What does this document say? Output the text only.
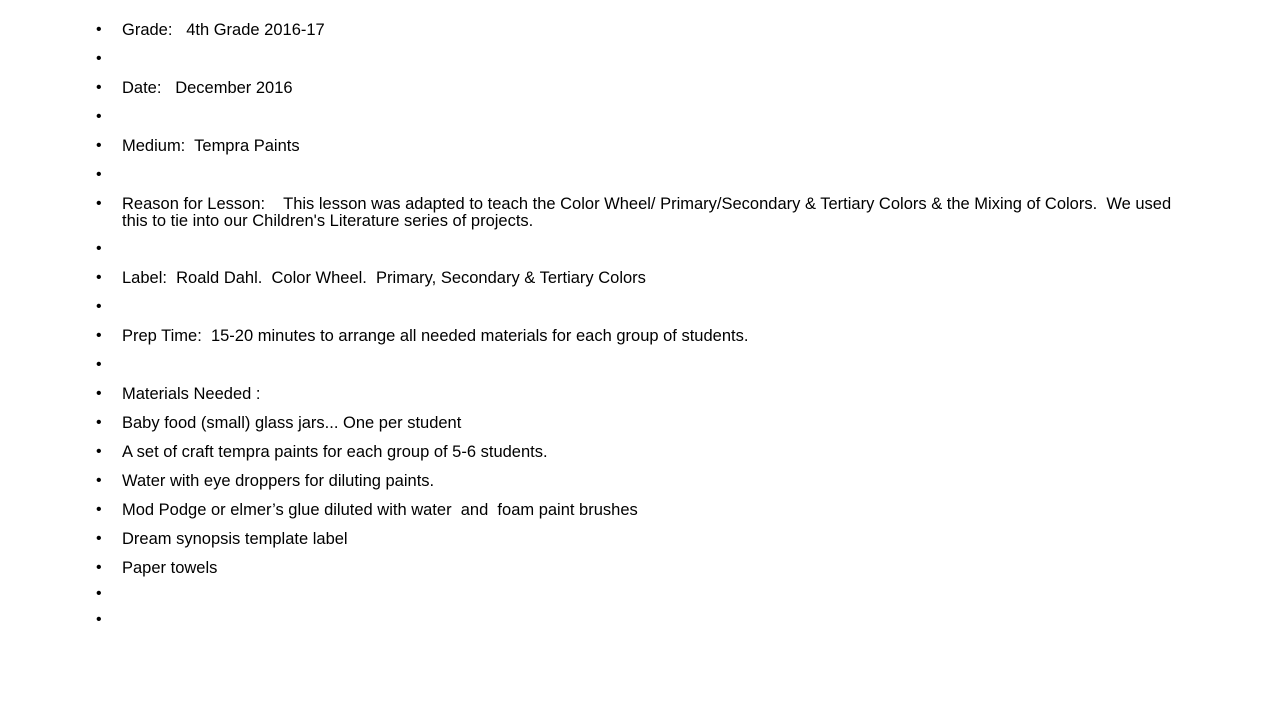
• Grade:   4th Grade 2016-17
•
• Date:   December 2016
•
• Medium:  Tempra Paints
•
• Reason for Lesson:    This lesson was adapted to teach the Color Wheel/ Primary/Secondary & Tertiary Colors & the Mixing of Colors.  We used this to tie into our Children's Literature series of projects.
•
• Label:  Roald Dahl.  Color Wheel.  Primary, Secondary & Tertiary Colors
•
• Prep Time:  15-20 minutes to arrange all needed materials for each group of students.
•
• Materials Needed :
• Baby food (small) glass jars... One per student
• A set of craft tempra paints for each group of 5-6 students.
• Water with eye droppers for diluting paints.
• Mod Podge or elmer’s glue diluted with water  and  foam paint brushes
• Dream synopsis template label
• Paper towels
•
•
